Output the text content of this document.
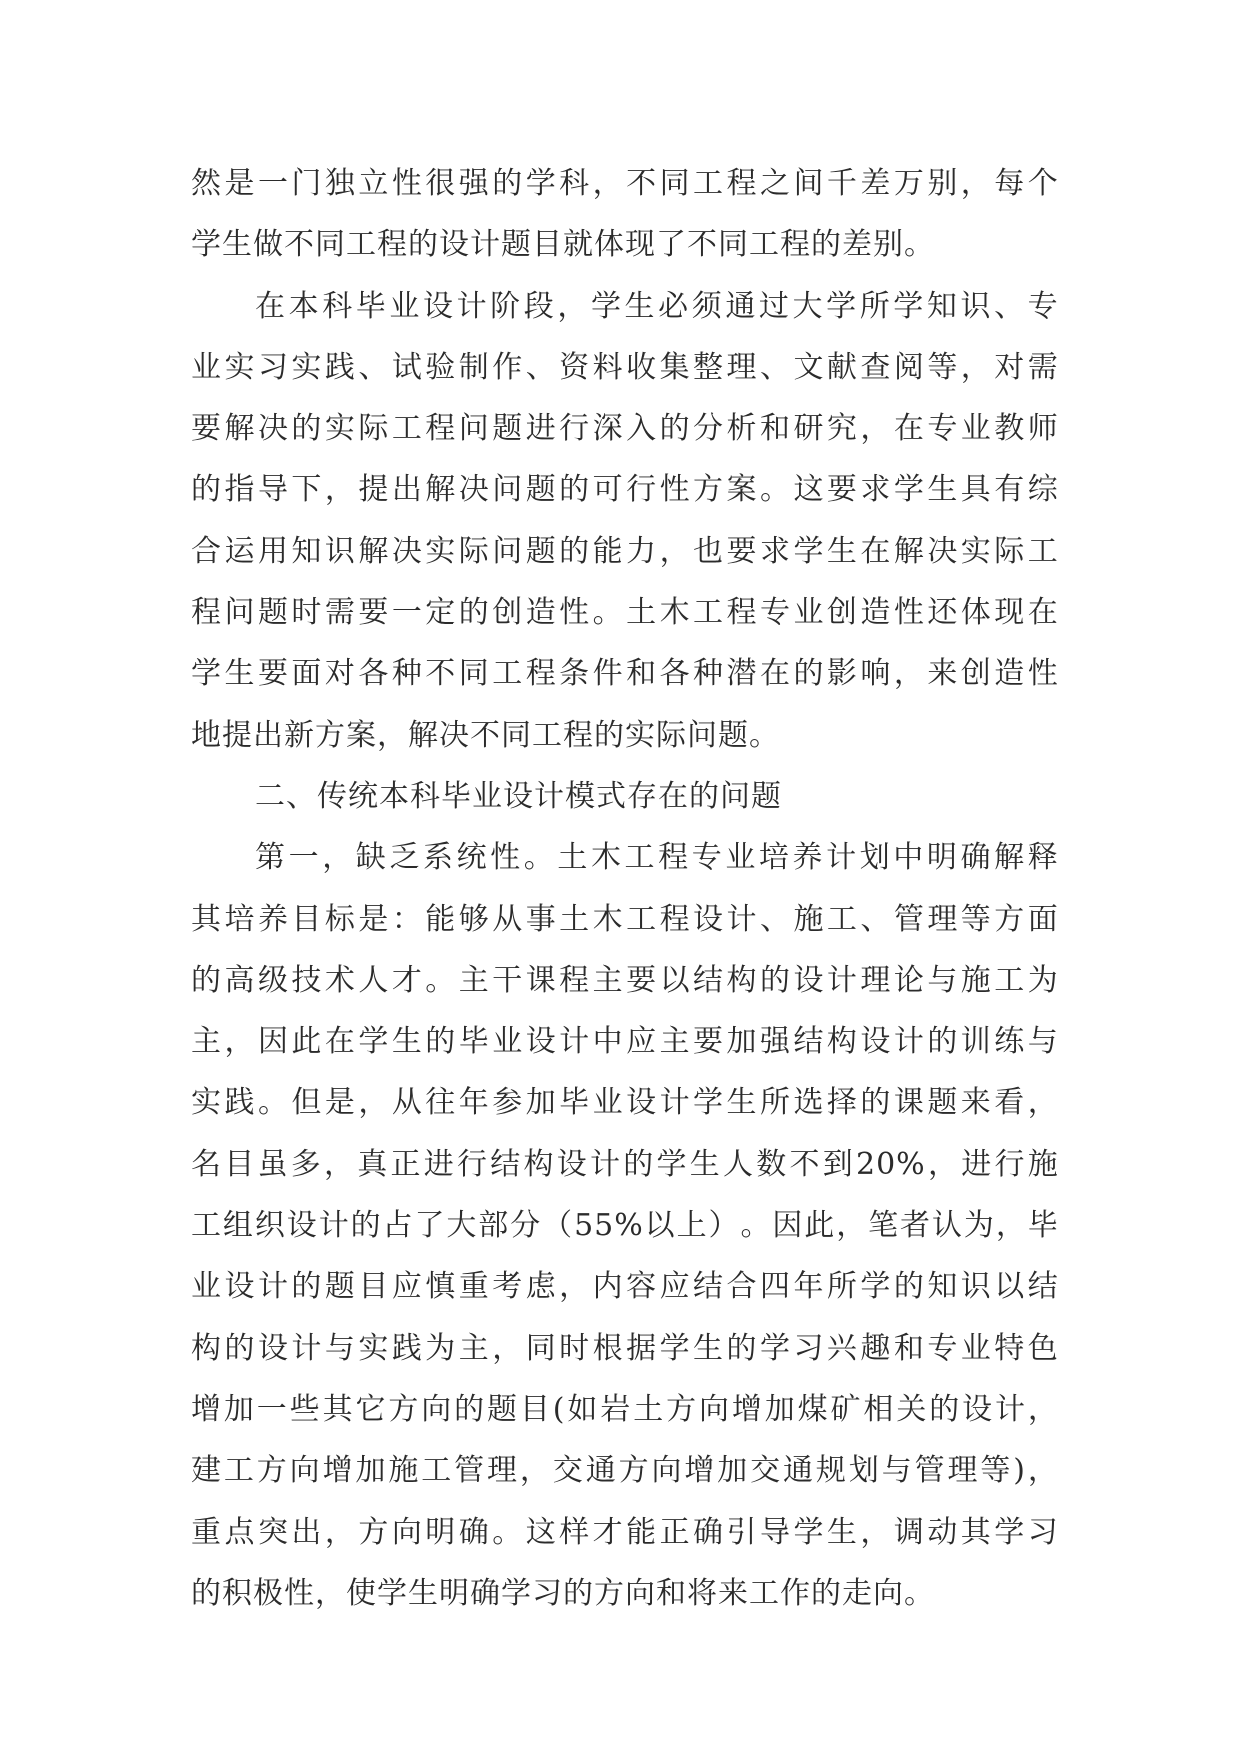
然 是 一 门 独 立 性 很 强 的 学 科 ， 不 同 工 程 之 间 千 差 万 别 ， 每 个
学生做不同工程的设计题目就体现了不同工程的差别。
在 本 科 毕 业 设 计 阶 段 ， 学 生 必 须 通 过 大 学 所 学 知 识 、 专
业 实 习 实 践 、 试 验 制 作 、 资 料 收 集 整 理 、 文 献 查 阅 等 ， 对 需
要 解 决 的 实 际 工 程 问 题 进 行 深 入 的 分 析 和 研 究 ， 在 专 业 教 师
的 指 导 下 ， 提 出 解 决 问 题 的 可 行 性 方 案 。 这 要 求 学 生 具 有 综
合 运 用 知 识 解 决 实 际 问 题 的 能 力 ， 也 要 求 学 生 在 解 决 实 际 工
程 问 题 时 需 要 一 定 的 创 造 性 。 土 木 工 程 专 业 创 造 性 还 体 现 在
学 生 要 面 对 各 种 不 同 工 程 条 件 和 各 种 潜 在 的 影 响 ， 来 创 造 性
地提出新方案，解决不同工程的实际问题。
二、传统本科毕业设计模式存在的问题
第 一 ， 缺 乏 系 统 性 。 土 木 工 程 专 业 培 养 计 划 中 明 确 解 释
其 培 养 目 标 是 ： 能 够 从 事 土 木 工 程 设 计 、 施 工 、 管 理 等 方 面
的 高 级 技 术 人 才 。 主 干 课 程 主 要 以 结 构 的 设 计 理 论 与 施 工 为
主 ， 因 此 在 学 生 的 毕 业 设 计 中 应 主 要 加 强 结 构 设 计 的 训 练 与
实 践 。 但 是 ， 从 往 年 参 加 毕 业 设 计 学 生 所 选 择 的 课 题 来 看 ，
名 目 虽 多 ， 真 正 进 行 结 构 设 计 的 学 生 人 数 不 到 20% ， 进 行 施
工 组 织 设 计 的 占 了 大 部 分 （ 55% 以 上 ） 。 因 此 ， 笔 者 认 为 ， 毕
业 设 计 的 题 目 应 慎 重 考 虑 ， 内 容 应 结 合 四 年 所 学 的 知 识 以 结
构 的 设 计 与 实 践 为 主 ， 同 时 根 据 学 生 的 学 习 兴 趣 和 专 业 特 色
增 加 一 些 其 它 方 向 的 题 目 ( 如 岩 土 方 向 增 加 煤 矿 相 关 的 设 计 ，
建 工 方 向 增 加 施 工 管 理 ， 交 通 方 向 增 加 交 通 规 划 与 管 理 等 ) ，
重 点 突 出 ， 方 向 明 确 。 这 样 才 能 正 确 引 导 学 生 ， 调 动 其 学 习
的积极性，使学生明确学习的方向和将来工作的走向。
